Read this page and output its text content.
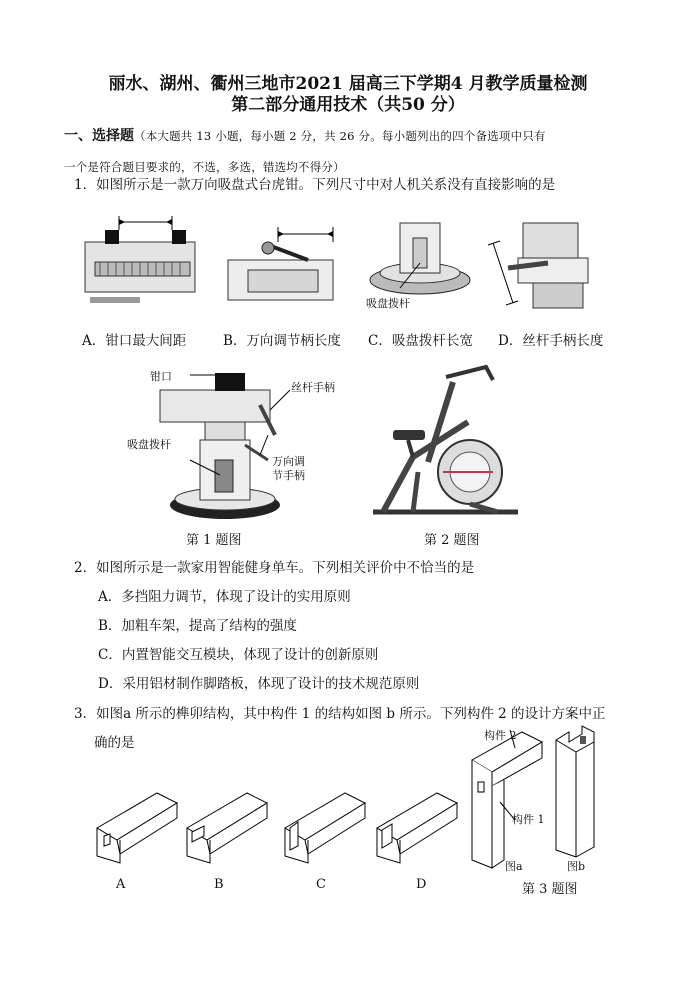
丽水、湖州、衢州三地市2021 届高三下学期4 月教学质量检测
第二部分通用技术（共50 分）
一、选择题（本大题共 13 小题，每小题 2 分，共 26 分。每小题列出的四个备选项中只有
一个是符合题目要求的，不选，多选，错选均不得分）
1．如图所示是一款万向吸盘式台虎钳。下列尺寸中对人机关系没有直接影响的是
吸盘拨杆
A．钳口最大间距	B．万向调节柄长度 C．吸盘拨杆长宽 D．丝杆手柄长度
钳口
丝杆手柄
万向调
节手柄
吸盘拨杆
第 1 题图	第 2 题图
2．如图所示是一款家用智能健身单车。下列相关评价中不恰当的是
A．多挡阻力调节，体现了设计的实用原则
B．加粗车架，提高了结构的强度
C．内置智能交互模块，体现了设计的创新原则
D．采用铝材制作脚踏板，体现了设计的技术规范原则
3．如图a 所示的榫卯结构，其中构件 1 的结构如图 b 所示。下列构件 2 的设计方案中正
确的是
A	B	C	D
构件 2
构件 1
图a	图b
第 3 题图
